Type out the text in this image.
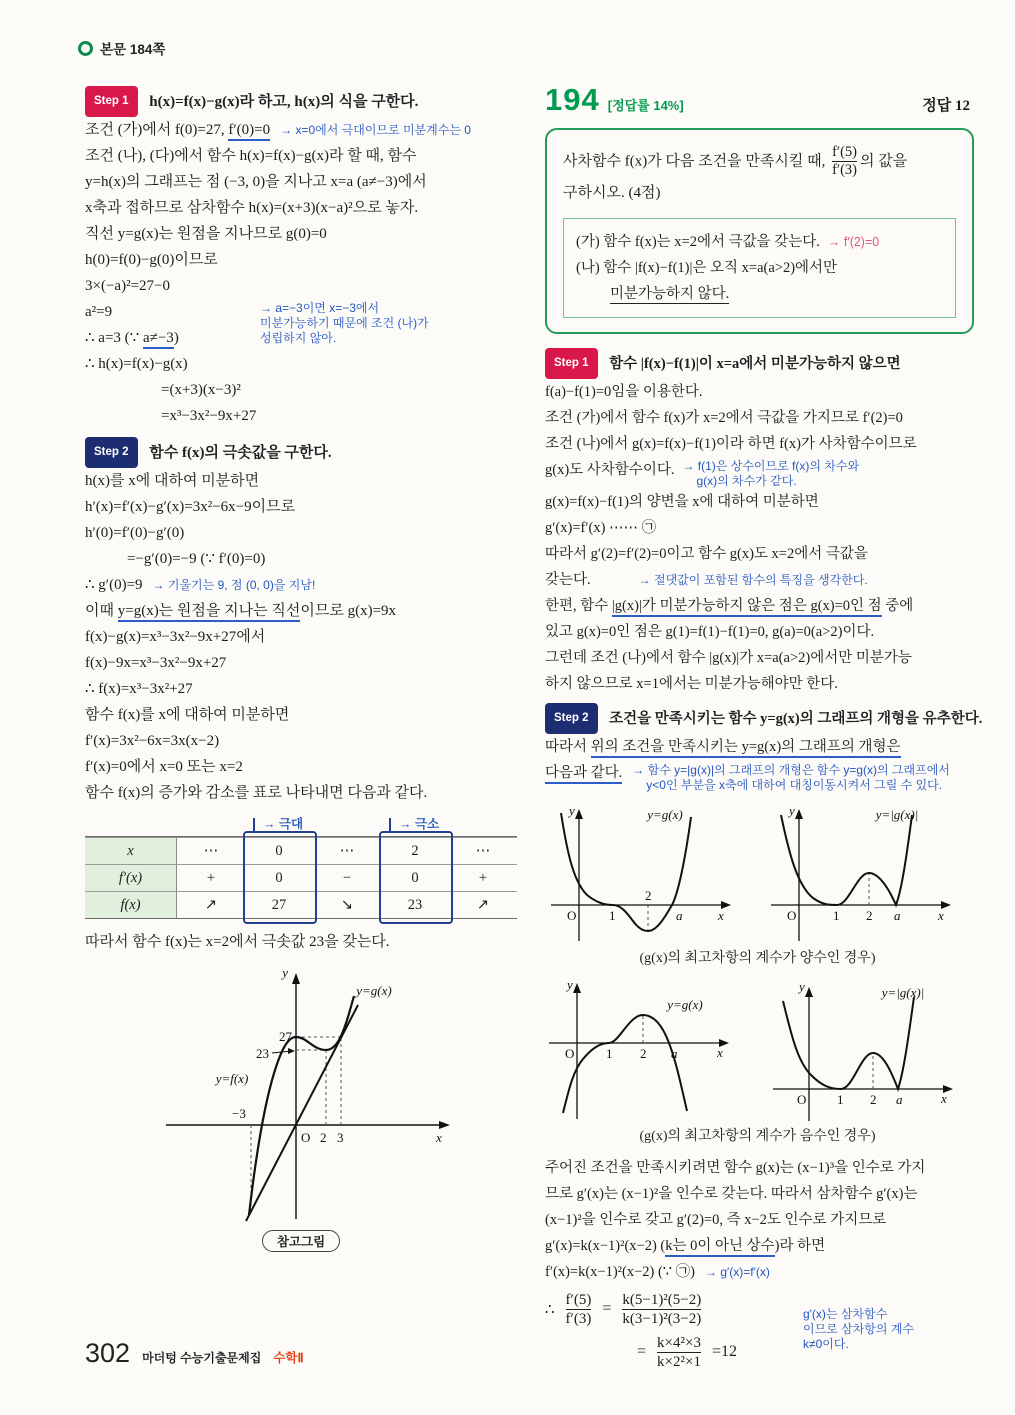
본문 184쪽
Step 1 h(x)=f(x)−g(x)라 하고, h(x)의 식을 구한다.
조건 (가)에서 f(0)=27, f′(0)=0 → x=0에서 극대이므로 미분계수는 0
조건 (나), (다)에서 함수 h(x)=f(x)−g(x)라 할 때, 함수
y=h(x)의 그래프는 점 (−3, 0)을 지나고 x=a (a≠−3)에서
x축과 접하므로 삼차함수 h(x)=(x+3)(x−a)²으로 놓자.
직선 y=g(x)는 원점을 지나므로 g(0)=0
h(0)=f(0)−g(0)이므로
3×(−a)²=27−0
a²=9
∴ a=3 (∵ a≠−3)
→ a=−3이면 x=−3에서
미분가능하기 때문에 조건 (나)가
성립하지 않아.
∴ h(x)=f(x)−g(x)
=(x+3)(x−3)²
=x³−3x²−9x+27
Step 2 함수 f(x)의 극솟값을 구한다.
h(x)를 x에 대하여 미분하면
h′(x)=f′(x)−g′(x)=3x²−6x−9이므로
h′(0)=f′(0)−g′(0)
=−g′(0)=−9 (∵ f′(0)=0)
∴ g′(0)=9 → 기울기는 9, 점 (0, 0)을 지남!
이때 y=g(x)는 원점을 지나는 직선이므로 g(x)=9x
f(x)−g(x)=x³−3x²−9x+27에서
f(x)−9x=x³−3x²−9x+27
∴ f(x)=x³−3x²+27
함수 f(x)를 x에 대하여 미분하면
f′(x)=3x²−6x=3x(x−2)
f′(x)=0에서 x=0 또는 x=2
함수 f(x)의 증가와 감소를 표로 나타내면 다음과 같다.
→ 극대	→ 극소
x	⋯	0	⋯	2	⋯
f′(x)	+	0	−	0	+
f(x)	↗	27	↘	23	↗
따라서 함수 f(x)는 x=2에서 극솟값 23을 갖는다.
y
x
O 2 3
−3
27
23
y=f(x)
y=g(x)
참고그림
194 [정답률 14%]	정답 12
사차함수 f(x)가 다음 조건을 만족시킬 때, $\frac{f'(5)}{f'(3)}$ 의 값을
구하시오. (4점)
(가) 함수 f(x)는 x=2에서 극값을 갖는다. → f′(2)=0
(나) 함수 |f(x)−f(1)|은 오직 x=a(a>2)에서만
미분가능하지 않다.
Step 1 함수 |f(x)−f(1)|이 x=a에서 미분가능하지 않으면
f(a)−f(1)=0임을 이용한다.
조건 (가)에서 함수 f(x)가 x=2에서 극값을 가지므로 f′(2)=0
조건 (나)에서 g(x)=f(x)−f(1)이라 하면 f(x)가 사차함수이므로
g(x)도 사차함수이다. → f(1)은 상수이므로 f(x)의 차수와
g(x)의 차수가 같다.
g(x)=f(x)−f(1)의 양변을 x에 대하여 미분하면
g′(x)=f′(x) ⋯⋯ ㉠
따라서 g′(2)=f′(2)=0이고 함수 g(x)도 x=2에서 극값을
갖는다.	→ 절댓값이 포함된 함수의 특징을 생각한다.
한편, 함수 |g(x)|가 미분가능하지 않은 점은 g(x)=0인 점 중에
있고 g(x)=0인 점은 g(1)=f(1)−f(1)=0, g(a)=0(a>2)이다.
그런데 조건 (나)에서 함수 |g(x)|가 x=a(a>2)에서만 미분가능
하지 않으므로 x=1에서는 미분가능해야만 한다.
Step 2 조건을 만족시키는 함수 y=g(x)의 그래프의 개형을 유추한다.
따라서 위의 조건을 만족시키는 y=g(x)의 그래프의 개형은
다음과 같다. → 함수 y=|g(x)|의 그래프의 개형은 함수 y=g(x)의 그래프에서
y<0인 부분을 x축에 대하여 대칭이동시켜서 그릴 수 있다.
y=g(x)
y
O	1
2
a	x
y=|g(x)|
y
O	1 2 a	x
(g(x)의 최고차항의 계수가 양수인 경우)
y=g(x)
y
O 1 2 a	x
y=|g(x)|
y
O 1 2 a	x
(g(x)의 최고차항의 계수가 음수인 경우)
주어진 조건을 만족시키려면 함수 g(x)는 (x−1)³을 인수로 가지
므로 g′(x)는 (x−1)²을 인수로 갖는다. 따라서 삼차함수 g′(x)는
(x−1)²을 인수로 갖고 g′(2)=0, 즉 x−2도 인수로 가지므로
g′(x)=k(x−1)²(x−2) (k는 0이 아닌 상수)라 하면
f′(x)=k(x−1)²(x−2) (∵ ㉠) → g′(x)=f′(x)
∴ $\frac{f'(5)}{f'(3)} = \frac{\text{k(5−1)²(5−2)}}{\text{k(3−1)²(3−2)}}$
= $\frac{\text{k×4²×3}}{\text{k×2²×1}} =12$
g′(x)는 삼차함수
이므로 삼차항의 계수
k≠0이다.
302 마더텅 수능기출문제집 수학Ⅱ
